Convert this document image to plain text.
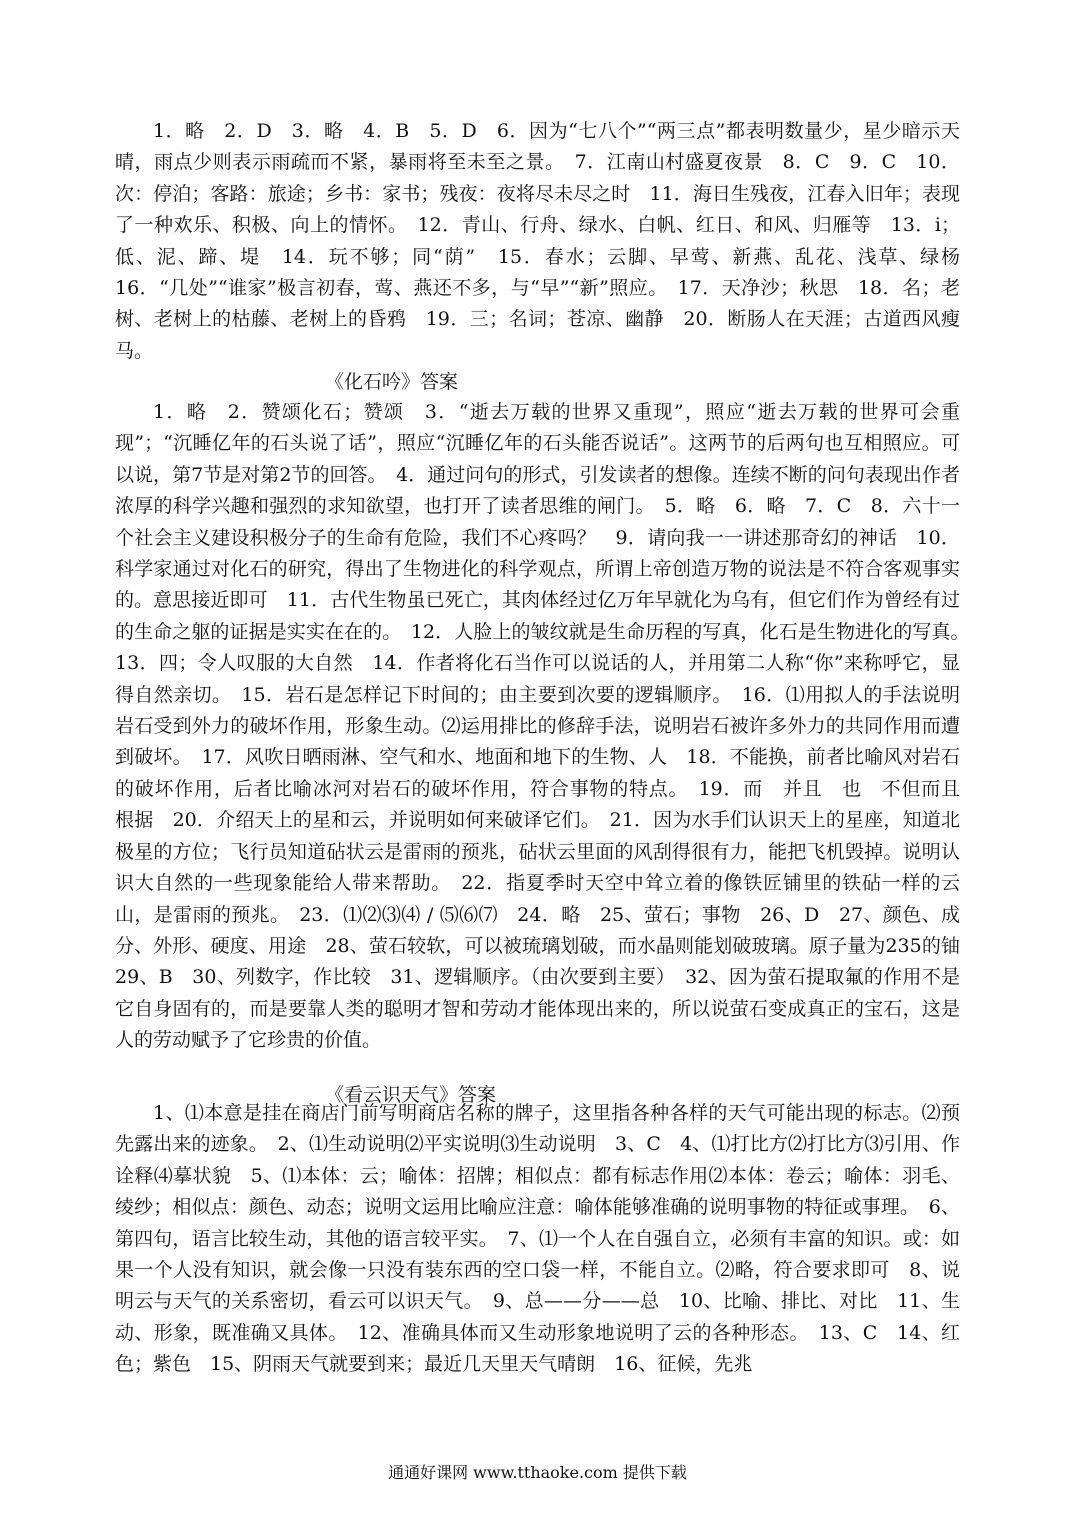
1．略　2．D　3．略　4．B　5．D　6．因为“七八个”“两三点”都表明数量少，星少暗示天晴，雨点少则表示雨疏而不紧，暴雨将至未至之景。　7．江南山村盛夏夜景　8．C　9．C　10．次：停泊；客路：旅途；乡书：家书；残夜：夜将尽未尽之时　11．海日生残夜，江春入旧年；表现了一种欢乐、积极、向上的情怀。　12．青山、行舟、绿水、白帆、红日、和风、归雁等　13．i；低、泥、蹄、堤　14．玩不够；同“荫”　15．春水；云脚、早莺、新燕、乱花、浅草、绿杨　16．“几处”“谁家”极言初春，莺、燕还不多，与“早”“新”照应。　17．天净沙；秋思　18．名；老树、老树上的枯藤、老树上的昏鸦　19．三；名词；苍凉、幽静　20．断肠人在天涯；古道西风瘦马。

《化石吟》答案

1．略　2．赞颂化石；赞颂　3．“逝去万载的世界又重现”，照应“逝去万载的世界可会重现”；“沉睡亿年的石头说了话”，照应“沉睡亿年的石头能否说话”。这两节的后两句也互相照应。可以说，第7节是对第2节的回答。　4．通过问句的形式，引发读者的想像。连续不断的问句表现出作者浓厚的科学兴趣和强烈的求知欲望，也打开了读者思维的闸门。　5．略　6．略　7．C　8．六十一个社会主义建设积极分子的生命有危险，我们不心疼吗？　9．请向我一一讲述那奇幻的神话　10．科学家通过对化石的研究，得出了生物进化的科学观点，所谓上帝创造万物的说法是不符合客观事实的。意思接近即可　11．古代生物虽已死亡，其肉体经过亿万年早就化为乌有，但它们作为曾经有过的生命之躯的证据是实实在在的。　12．人脸上的皱纹就是生命历程的写真，化石是生物进化的写真。　13．四；令人叹服的大自然　14．作者将化石当作可以说话的人，并用第二人称“你”来称呼它，显得自然亲切。　15．岩石是怎样记下时间的；由主要到次要的逻辑顺序。　16．⑴用拟人的手法说明岩石受到外力的破坏作用，形象生动。⑵运用排比的修辞手法，说明岩石被许多外力的共同作用而遭到破坏。　17．风吹日晒雨淋、空气和水、地面和地下的生物、人　18．不能换，前者比喻风对岩石的破坏作用，后者比喻冰河对岩石的破坏作用，符合事物的特点。　19．而　并且　也　不但而且　根据　20．介绍天上的星和云，并说明如何来破译它们。　21．因为水手们认识天上的星座，知道北极星的方位；飞行员知道砧状云是雷雨的预兆，砧状云里面的风刮得很有力，能把飞机毁掉。说明认识大自然的一些现象能给人带来帮助。　22．指夏季时天空中耸立着的像铁匠铺里的铁砧一样的云山，是雷雨的预兆。　23．⑴⑵⑶⑷ / ⑸⑹⑺　24．略　25、萤石；事物　26、D　27、颜色、成分、外形、硬度、用途　28、萤石较软，可以被琉璃划破，而水晶则能划破玻璃。原子量为235的铀　29、B　30、列数字，作比较　31、逻辑顺序。（由次要到主要）　32、因为萤石提取氟的作用不是它自身固有的，而是要靠人类的聪明才智和劳动才能体现出来的，所以说萤石变成真正的宝石，这是人的劳动赋予了它珍贵的价值。

《看云识天气》答案

1、⑴本意是挂在商店门前写明商店名称的牌子，这里指各种各样的天气可能出现的标志。⑵预先露出来的迹象。　2、⑴生动说明⑵平实说明⑶生动说明　3、C　4、⑴打比方⑵打比方⑶引用、作诠释⑷摹状貌　5、⑴本体：云；喻体：招牌；相似点：都有标志作用⑵本体：卷云；喻体：羽毛、绫纱；相似点：颜色、动态；说明文运用比喻应注意：喻体能够准确的说明事物的特征或事理。　6、第四句，语言比较生动，其他的语言较平实。　7、⑴一个人在自强自立，必须有丰富的知识。或：如果一个人没有知识，就会像一只没有装东西的空口袋一样，不能自立。⑵略，符合要求即可　8、说明云与天气的关系密切，看云可以识天气。　9、总——分——总　10、比喻、排比、对比　11、生动、形象，既准确又具体。　12、准确具体而又生动形象地说明了云的各种形态。　13、C　14、红色；紫色　15、阴雨天气就要到来；最近几天里天气晴朗　16、征候，先兆

通通好课网 www.tthaoke.com 提供下载
